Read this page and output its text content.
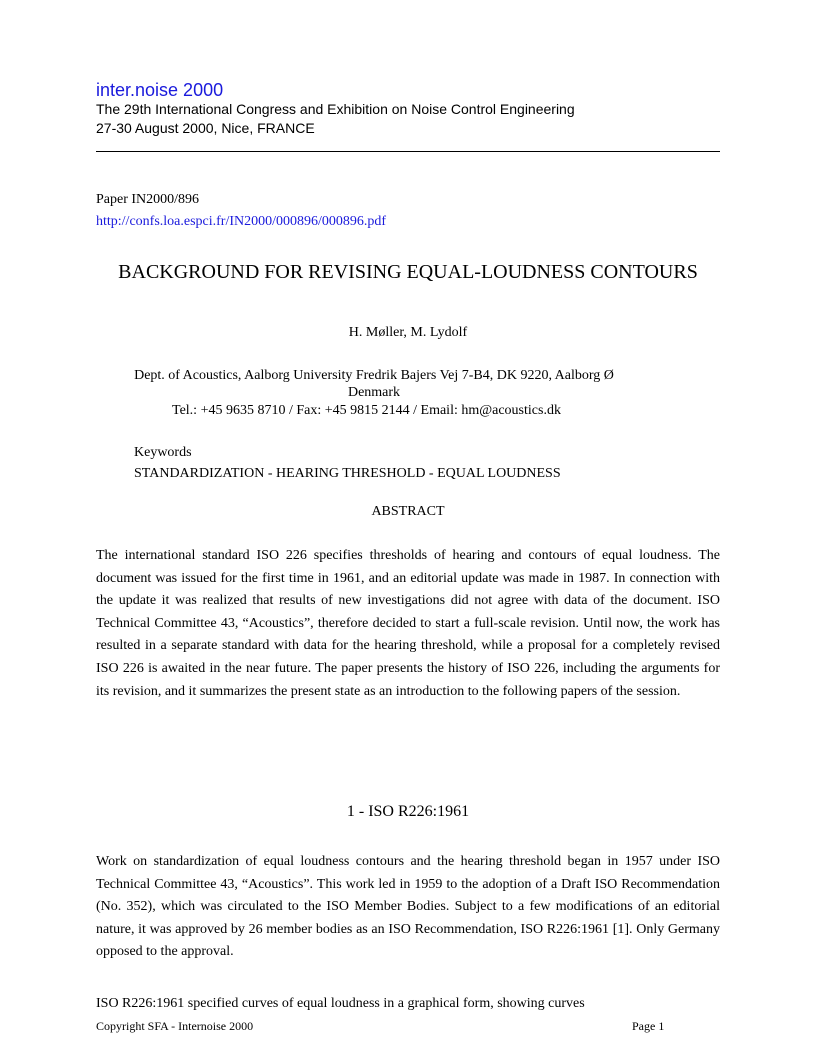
inter.noise 2000
The 29th International Congress and Exhibition on Noise Control Engineering
27-30 August 2000, Nice, FRANCE
Paper IN2000/896
http://confs.loa.espci.fr/IN2000/000896/000896.pdf
BACKGROUND FOR REVISING EQUAL-LOUDNESS CONTOURS
H. Møller, M. Lydolf
Dept. of Acoustics, Aalborg University Fredrik Bajers Vej 7-B4, DK 9220, Aalborg Ø Denmark
Tel.: +45 9635 8710 / Fax: +45 9815 2144 / Email: hm@acoustics.dk
Keywords
STANDARDIZATION - HEARING THRESHOLD - EQUAL LOUDNESS
ABSTRACT

The international standard ISO 226 specifies thresholds of hearing and contours of equal loudness. The document was issued for the first time in 1961, and an editorial update was made in 1987. In connection with the update it was realized that results of new investigations did not agree with data of the document. ISO Technical Committee 43, “Acoustics”, therefore decided to start a full-scale revision. Until now, the work has resulted in a separate standard with data for the hearing threshold, while a proposal for a completely revised ISO 226 is awaited in the near future. The paper presents the history of ISO 226, including the arguments for its revision, and it summarizes the present state as an introduction to the following papers of the session.

1 - ISO R226:1961

Work on standardization of equal loudness contours and the hearing threshold began in 1957 under ISO Technical Committee 43, “Acoustics”. This work led in 1959 to the adoption of a Draft ISO Recommendation (No. 352), which was circulated to the ISO Member Bodies. Subject to a few modifications of an editorial nature, it was approved by 26 member bodies as an ISO Recommendation, ISO R226:1961 [1]. Only Germany opposed to the approval.

ISO R226:1961 specified curves of equal loudness in a graphical form, showing curves

Copyright SFA - Internoise 2000	Page 1
